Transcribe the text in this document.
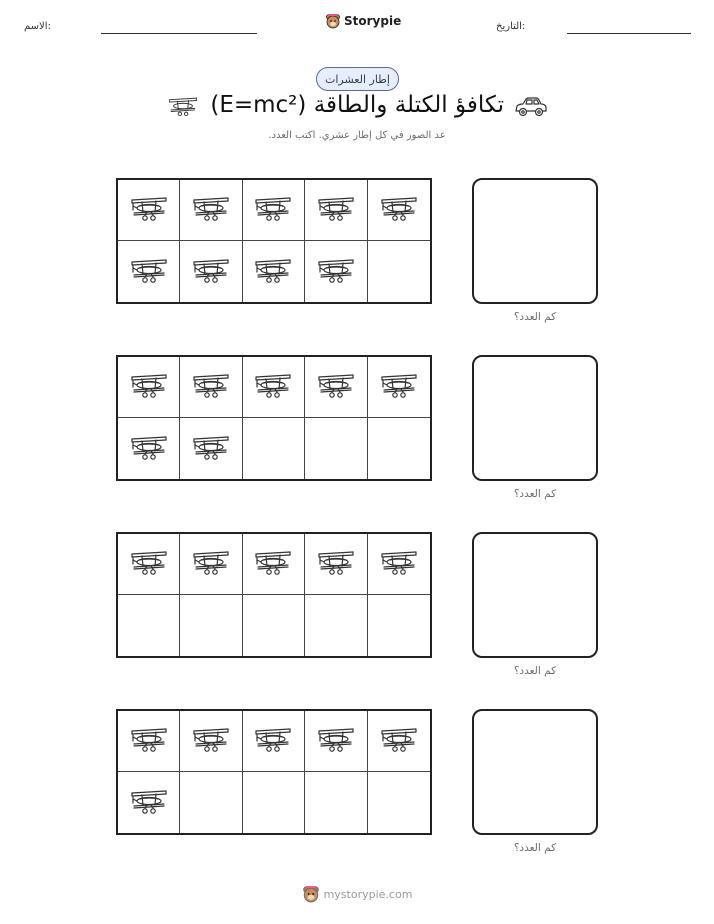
الاسم:	Storypie	التاريخ:
إطار العشرات
تكافؤ الكتلة والطاقة (E=mc²)
عد الصور في كل إطار عشري. اكتب العدد.
كم العدد؟
كم العدد؟
كم العدد؟
كم العدد؟
mystorypie.com
